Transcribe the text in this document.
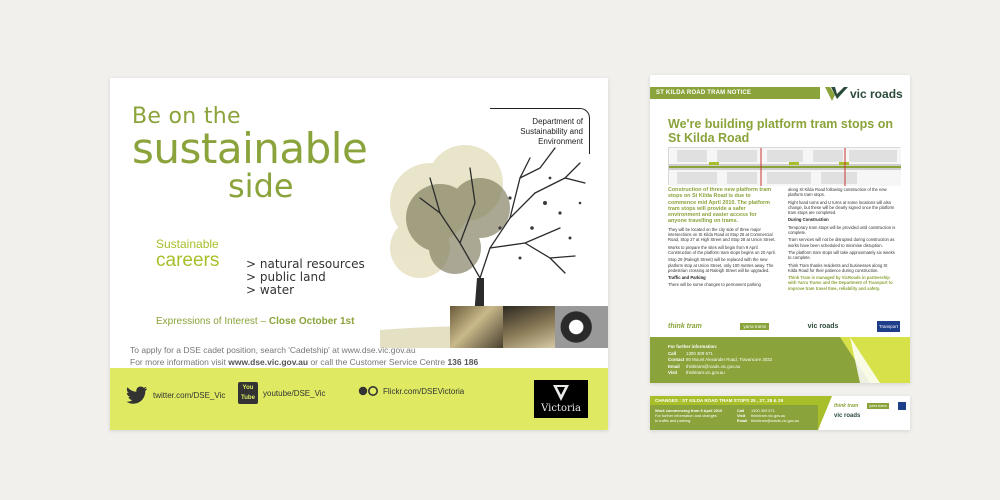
Be on the
sustainable
side
Department of
Sustainability and
Environment
Sustainable
careers > natural resources
> public land
> water
Expressions of Interest – Close October 1st
To apply for a DSE cadet position, search 'Cadetship' at www.dse.vic.gov.au
For more information visit www.dse.vic.gov.au or call the Customer Service Centre 136 186
twitter.com/DSE_Vic
You Tube
youtube/DSE_Vic	Flickr.com/DSEVictoria
Victoria
ST KILDA ROAD TRAM NOTICE	vic roads
We're building platform tram stops on St Kilda Road

Construction of three new platform tram stops on St Kilda Road is due to commence mid April 2010. The platform tram stops will provide a safer environment and easier access for anyone travelling on trams.

They will be located on the city side of three major intersections on St Kilda Road at Stop 25 at Commercial Road, Stop 27 at High Street and Stop 28 at Union Street.

Works to prepare the sites will begin from 9 April. Construction of the platform tram stops begins on 20 April.

Stop 28 (Raleigh Street) will be replaced with the new platform stop at Union Street, only 100 metres away. The pedestrian crossing at Raleigh Street will be upgraded.

Traffic and Parking

There will be some changes to permanent parking

along St Kilda Road following construction of the new platform tram stops.

Right hand turns and U turns at some locations will also change, but these will be clearly signed once the platform tram stops are completed.

During Construction

Temporary tram stops will be provided until construction is complete.

Tram services will not be disrupted during construction as works have been scheduled to minimise disruption.

The platform tram stops will take approximately six weeks to complete.

Think Tram thanks residents and businesses along St Kilda Road for their patience during construction.

Think Tram is managed by VicRoads in partnership with Yarra Trams and the Department of Transport to improve tram travel time, reliability and safety.

think tram	yarra trams	vic roads	Transport
For further information:
Call 1300 309 571
Contact 60 Mount Alexander Road, Travancore 3032
Email thinktram@roads.vic.gov.au
Visit thinktram.vic.gov.au
CHANGES : ST KILDA ROAD TRAM STOPS 25 , 27, 28 & 29
Work commencing from 9 April 2010
For further information and changes
to traffic and parking:
Call 1300 309 571
Visit thinktram.vic.gov.au
Email thinktram@roads.vic.gov.au
think tram	yarra trams
vic roads
